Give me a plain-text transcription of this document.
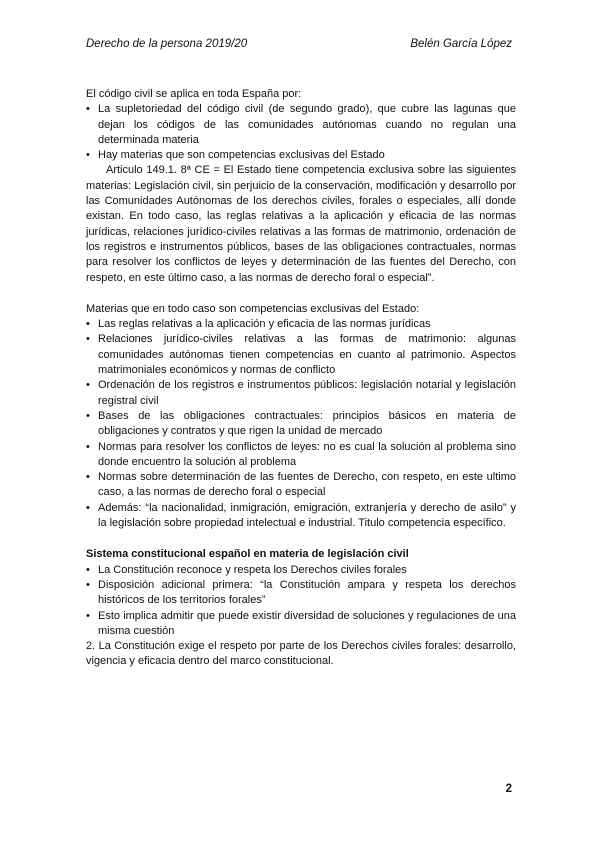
Derecho de la persona 2019/20	Belén García López

El código civil se aplica en toda España por:

• La supletoriedad del código civil (de segundo grado), que cubre las lagunas que dejan los códigos de las comunidades autónomas cuando no regulan una determinada materia
• Hay materias que son competencias exclusivas del Estado

Articulo 149.1. 8ª CE = El Estado tiene competencia exclusiva sobre las siguientes materias: Legislación civil, sin perjuicio de la conservación, modificación y desarrollo por las Comunidades Autónomas de los derechos civiles, forales o especiales, allí donde existan. En todo caso, las reglas relativas a la aplicación y eficacia de las normas jurídicas, relaciones jurídico-civiles relativas a las formas de matrimonio, ordenación de los registros e instrumentos públicos, bases de las obligaciones contractuales, normas para resolver los conflictos de leyes y determinación de las fuentes del Derecho, con respeto, en este último caso, a las normas de derecho foral o especial”.

Materias que en todo caso son competencias exclusivas del Estado:

• Las reglas relativas a la aplicación y eficacia de las normas jurídicas
• Relaciones jurídico-civiles relativas a las formas de matrimonio: algunas comunidades autónomas tienen competencias en cuanto al patrimonio. Aspectos matrimoniales económicos y normas de conflicto
• Ordenación de los registros e instrumentos públicos: legislación notarial y legislación registral civil
• Bases de las obligaciones contractuales: principios básicos en materia de obligaciones y contratos y que rigen la unidad de mercado
• Normas para resolver los conflictos de leyes: no es cual la solución al problema sino donde encuentro la solución al problema
• Normas sobre determinación de las fuentes de Derecho, con respeto, en este ultimo caso, a las normas de derecho foral o especial
• Además: “la nacionalidad, inmigración, emigración, extranjería y derecho de asilo” y la legislación sobre propiedad intelectual e industrial. Titulo competencia específico.

Sistema constitucional español en materia de legislación civil

• La Constitución reconoce y respeta los Derechos civiles forales
• Disposición adicional primera: “la Constitución ampara y respeta los derechos históricos de los territorios forales”
• Esto implica admitir que puede existir diversidad de soluciones y regulaciones de una misma cuestión

2. La Constitución exige el respeto por parte de los Derechos civiles forales: desarrollo, vigencia y eficacia dentro del marco constitucional.

2
